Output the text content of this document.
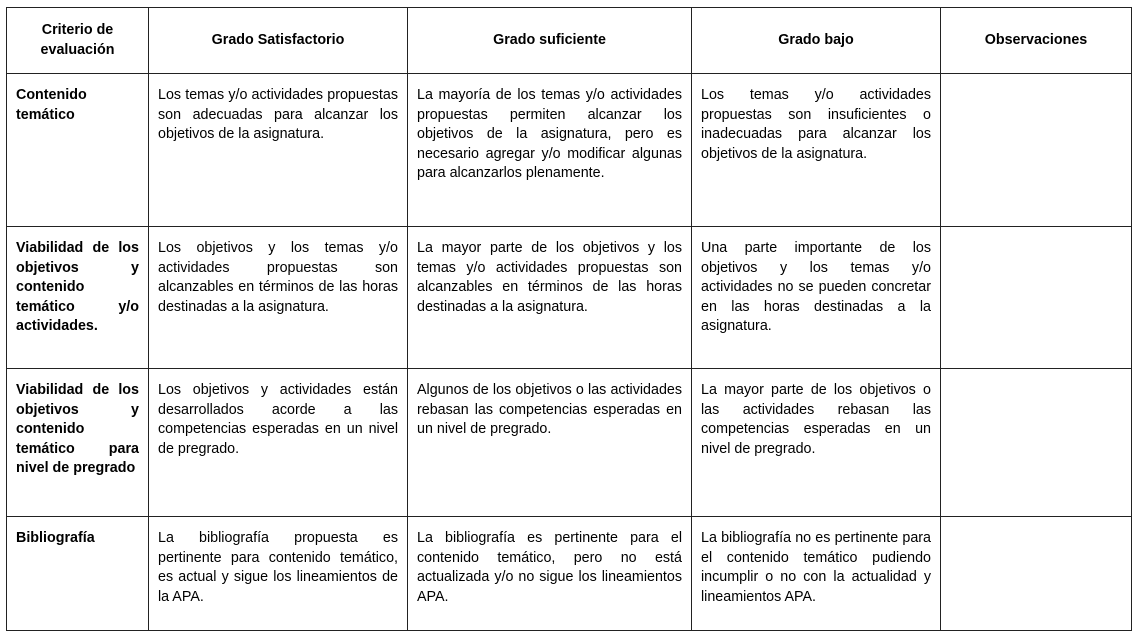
Criterio de evaluación	Grado Satisfactorio	Grado suficiente	Grado bajo	Observaciones
Contenido temático	Los temas y/o actividades propuestas son adecuadas para alcanzar los objetivos de la asignatura.	La mayoría de los temas y/o actividades propuestas permiten alcanzar los objetivos de la asignatura, pero es necesario agregar y/o modificar algunas para alcanzarlos plenamente.	Los temas y/o actividades propuestas son insuficientes o inadecuadas para alcanzar los objetivos de la asignatura.	
Viabilidad de los objetivos y contenido temático y/o actividades.	Los objetivos y los temas y/o actividades propuestas son alcanzables en términos de las horas destinadas a la asignatura.	La mayor parte de los objetivos y los temas y/o actividades propuestas son alcanzables en términos de las horas destinadas a la asignatura.	Una parte importante de los objetivos y los temas y/o actividades no se pueden concretar en las horas destinadas a la asignatura.	
Viabilidad de los objetivos y contenido temático para nivel de pregrado	Los objetivos y actividades están desarrollados acorde a las competencias esperadas en un nivel de pregrado.	Algunos de los objetivos o las actividades rebasan las competencias esperadas en un nivel de pregrado.	La mayor parte de los objetivos o las actividades rebasan las competencias esperadas en un nivel de pregrado.	
Bibliografía	La bibliografía propuesta es pertinente para contenido temático, es actual y sigue los lineamientos de la APA.	La bibliografía es pertinente para el contenido temático, pero no está actualizada y/o no sigue los lineamientos APA.	La bibliografía no es pertinente para el contenido temático pudiendo incumplir o no con la actualidad y lineamientos APA.	
